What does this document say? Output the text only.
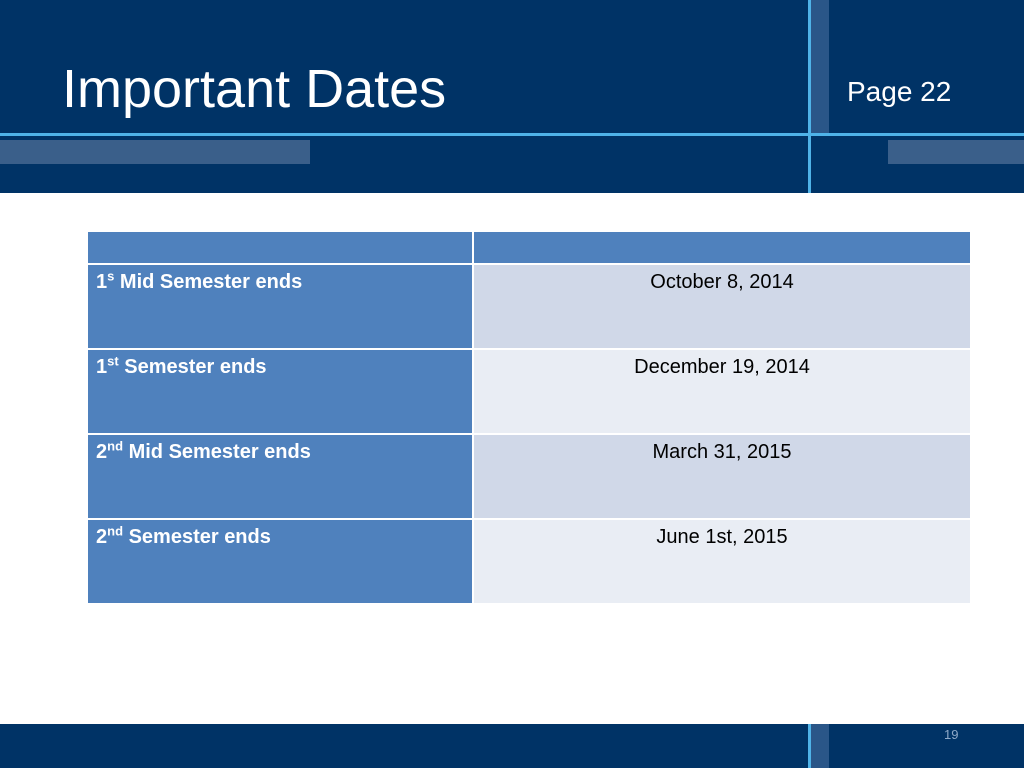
Important Dates	Page 22

1$^s$ Mid Semester ends	October 8, 2014
1st Semester ends	December 19, 2014
2nd Mid Semester ends	March 31, 2015
2nd Semester ends	June 1st, 2015
19
